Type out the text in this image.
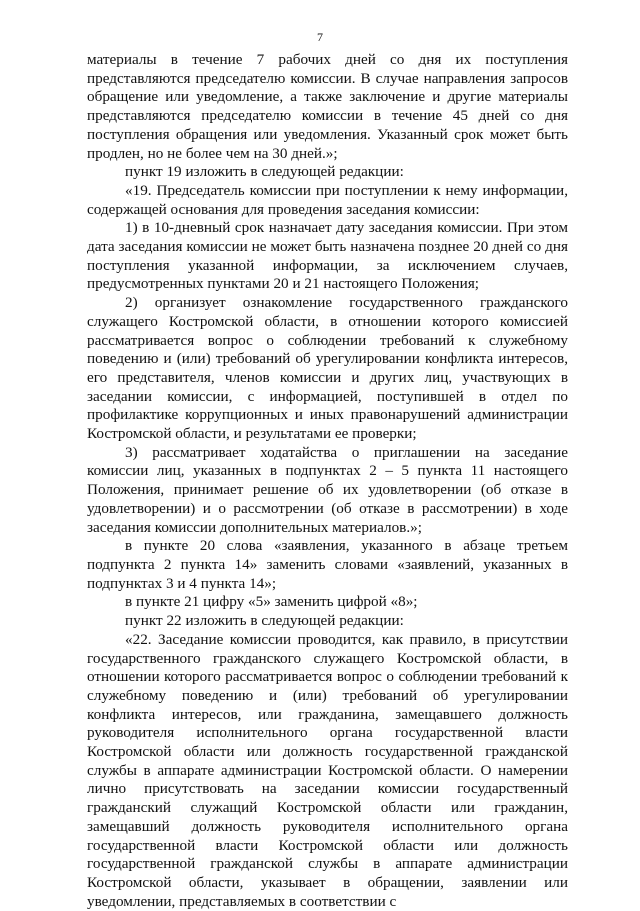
7

материалы в течение 7 рабочих дней со дня их поступления представляются председателю комиссии. В случае направления запросов обращение или уведомление, а также заключение и другие материалы представляются председателю комиссии в течение 45 дней со дня поступления обращения или уведомления. Указанный срок может быть продлен, но не более чем на 30 дней.»;

пункт 19 изложить в следующей редакции:

«19. Председатель комиссии при поступлении к нему информации, содержащей основания для проведения заседания комиссии:

1) в 10-дневный срок назначает дату заседания комиссии. При этом дата заседания комиссии не может быть назначена позднее 20 дней со дня поступления указанной информации, за исключением случаев, предусмотренных пунктами 20 и 21 настоящего Положения;

2) организует ознакомление государственного гражданского служащего Костромской области, в отношении которого комиссией рассматривается вопрос о соблюдении требований к служебному поведению и (или) требований об урегулировании конфликта интересов, его представителя, членов комиссии и других лиц, участвующих в заседании комиссии, с информацией, поступившей в отдел по профилактике коррупционных и иных правонарушений администрации Костромской области, и результатами ее проверки;

3) рассматривает ходатайства о приглашении на заседание комиссии лиц, указанных в подпунктах 2 – 5 пункта 11 настоящего Положения, принимает решение об их удовлетворении (об отказе в удовлетворении) и о рассмотрении (об отказе в рассмотрении) в ходе заседания комиссии дополнительных материалов.»;

в пункте 20 слова «заявления, указанного в абзаце третьем подпункта 2 пункта 14» заменить словами «заявлений, указанных в подпунктах 3 и 4 пункта 14»;

в пункте 21 цифру «5» заменить цифрой «8»;

пункт 22 изложить в следующей редакции:

«22. Заседание комиссии проводится, как правило, в присутствии государственного гражданского служащего Костромской области, в отношении которого рассматривается вопрос о соблюдении требований к служебному поведению и (или) требований об урегулировании конфликта интересов, или гражданина, замещавшего должность руководителя исполнительного органа государственной власти Костромской области или должность государственной гражданской службы в аппарате администрации Костромской области. О намерении лично присутствовать на заседании комиссии государственный гражданский служащий Костромской области или гражданин, замещавший должность руководителя исполнительного органа государственной власти Костромской области или должность государственной гражданской службы в аппарате администрации Костромской области, указывает в обращении, заявлении или уведомлении, представляемых в соответствии с
